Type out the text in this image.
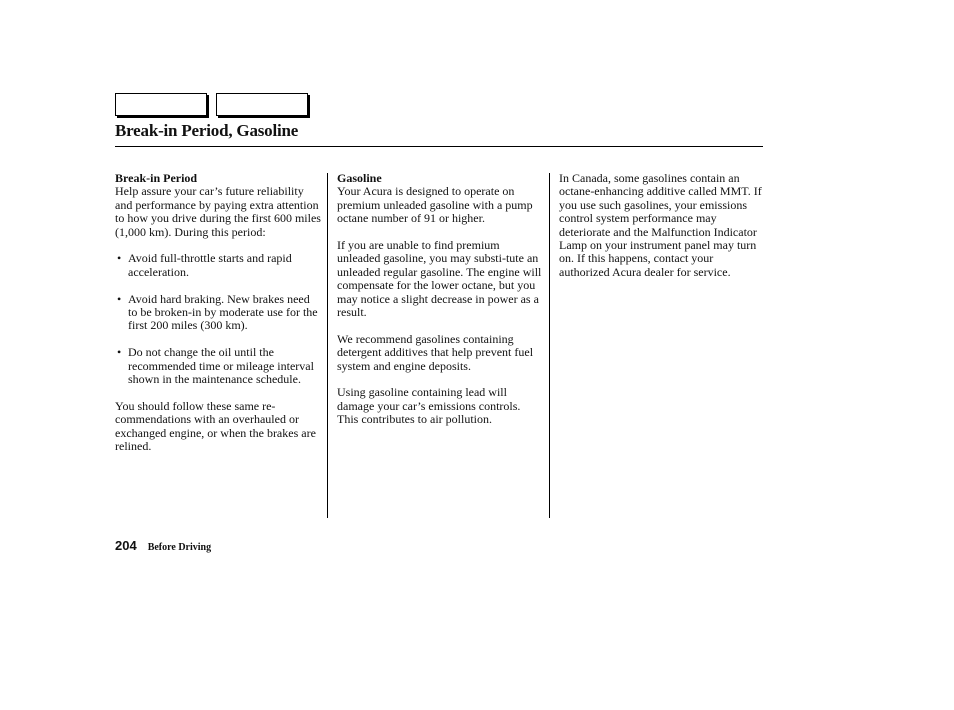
Break-in Period, Gasoline
Break-in Period

Help assure your car’s future reliability and performance by paying extra attention to how you drive during the first 600 miles (1,000 km). During this period:

• Avoid full-throttle starts and rapid acceleration.

• Avoid hard braking. New brakes need to be broken-in by moderate use for the first 200 miles (300 km).

• Do not change the oil until the recommended time or mileage interval shown in the maintenance schedule.

You should follow these same re-commendations with an overhauled or exchanged engine, or when the brakes are relined.

Gasoline

Your Acura is designed to operate on premium unleaded gasoline with a pump octane number of 91 or higher.

If you are unable to find premium unleaded gasoline, you may substi-tute an unleaded regular gasoline. The engine will compensate for the lower octane, but you may notice a slight decrease in power as a result.

We recommend gasolines containing detergent additives that help prevent fuel system and engine deposits.

Using gasoline containing lead will damage your car’s emissions controls. This contributes to air pollution.

In Canada, some gasolines contain an octane-enhancing additive called MMT. If you use such gasolines, your emissions control system performance may deteriorate and the Malfunction Indicator Lamp on your instrument panel may turn on. If this happens, contact your authorized Acura dealer for service.

204 Before Driving
